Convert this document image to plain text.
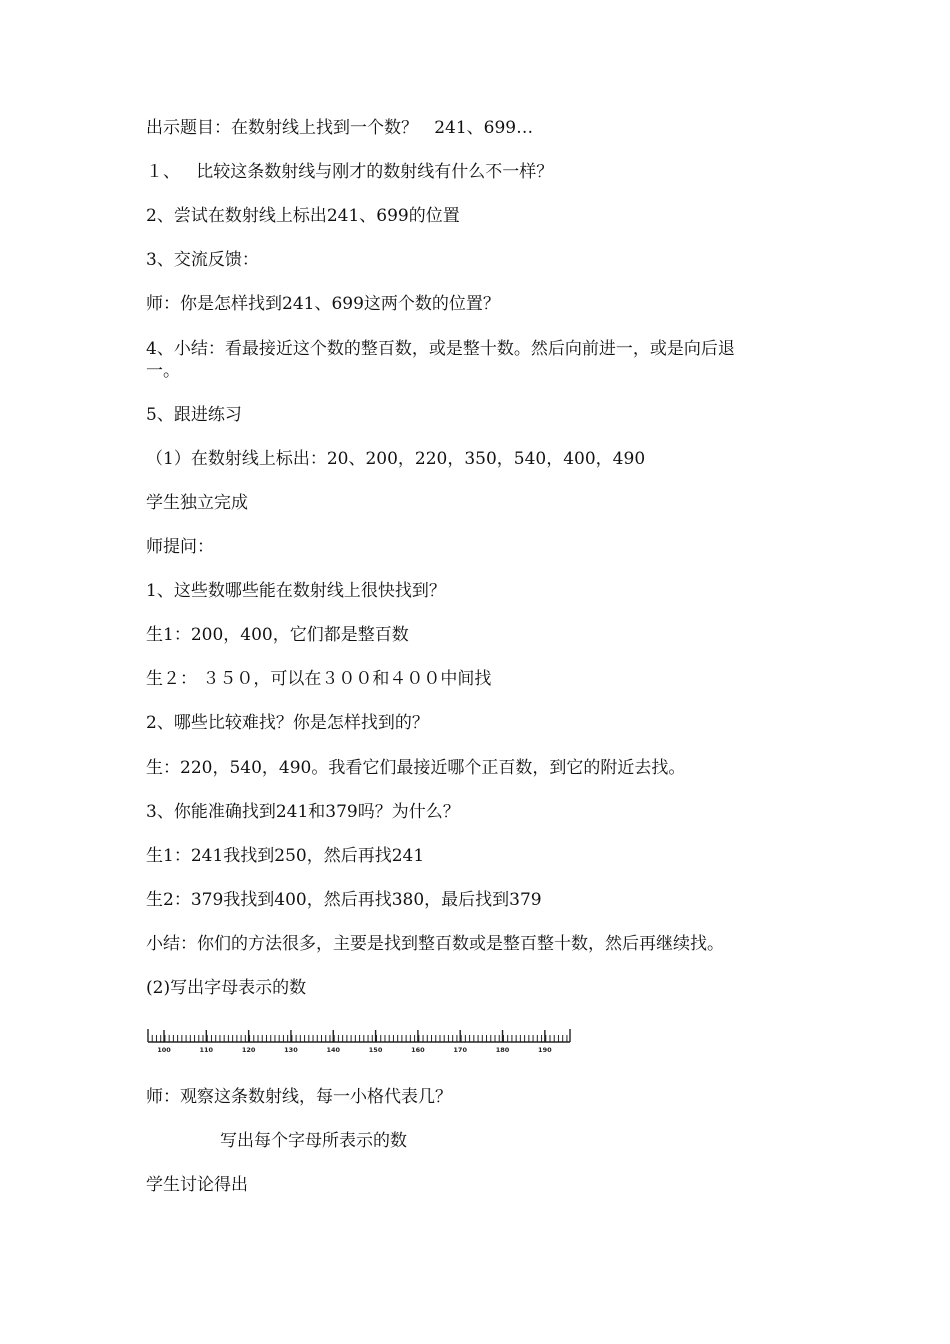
出示题目：在数射线上找到一个数？   241、699…
１、   比较这条数射线与刚才的数射线有什么不一样？
2、尝试在数射线上标出241、699的位置
3、交流反馈：
师：你是怎样找到241、699这两个数的位置？
4、小结：看最接近这个数的整百数，或是整十数。然后向前进一，或是向后退
一。
5、跟进练习
（1）在数射线上标出：20、200，220，350，540，400，490
学生独立完成
师提问：
1、这些数哪些能在数射线上很快找到？
生1：200，400，它们都是整百数
生２： ３５０，可以在３００和４００中间找
2、哪些比较难找？你是怎样找到的？
生：220，540，490。我看它们最接近哪个正百数，到它的附近去找。
3、你能准确找到241和379吗？为什么？
生1：241我找到250，然后再找241
生2：379我找到400，然后再找380，最后找到379
小结：你们的方法很多，主要是找到整百数或是整百整十数，然后再继续找。
(2)写出字母表示的数
100	110	120	130	140	150	160	170	180	190
师：观察这条数射线，每一小格代表几？
写出每个字母所表示的数
学生讨论得出
